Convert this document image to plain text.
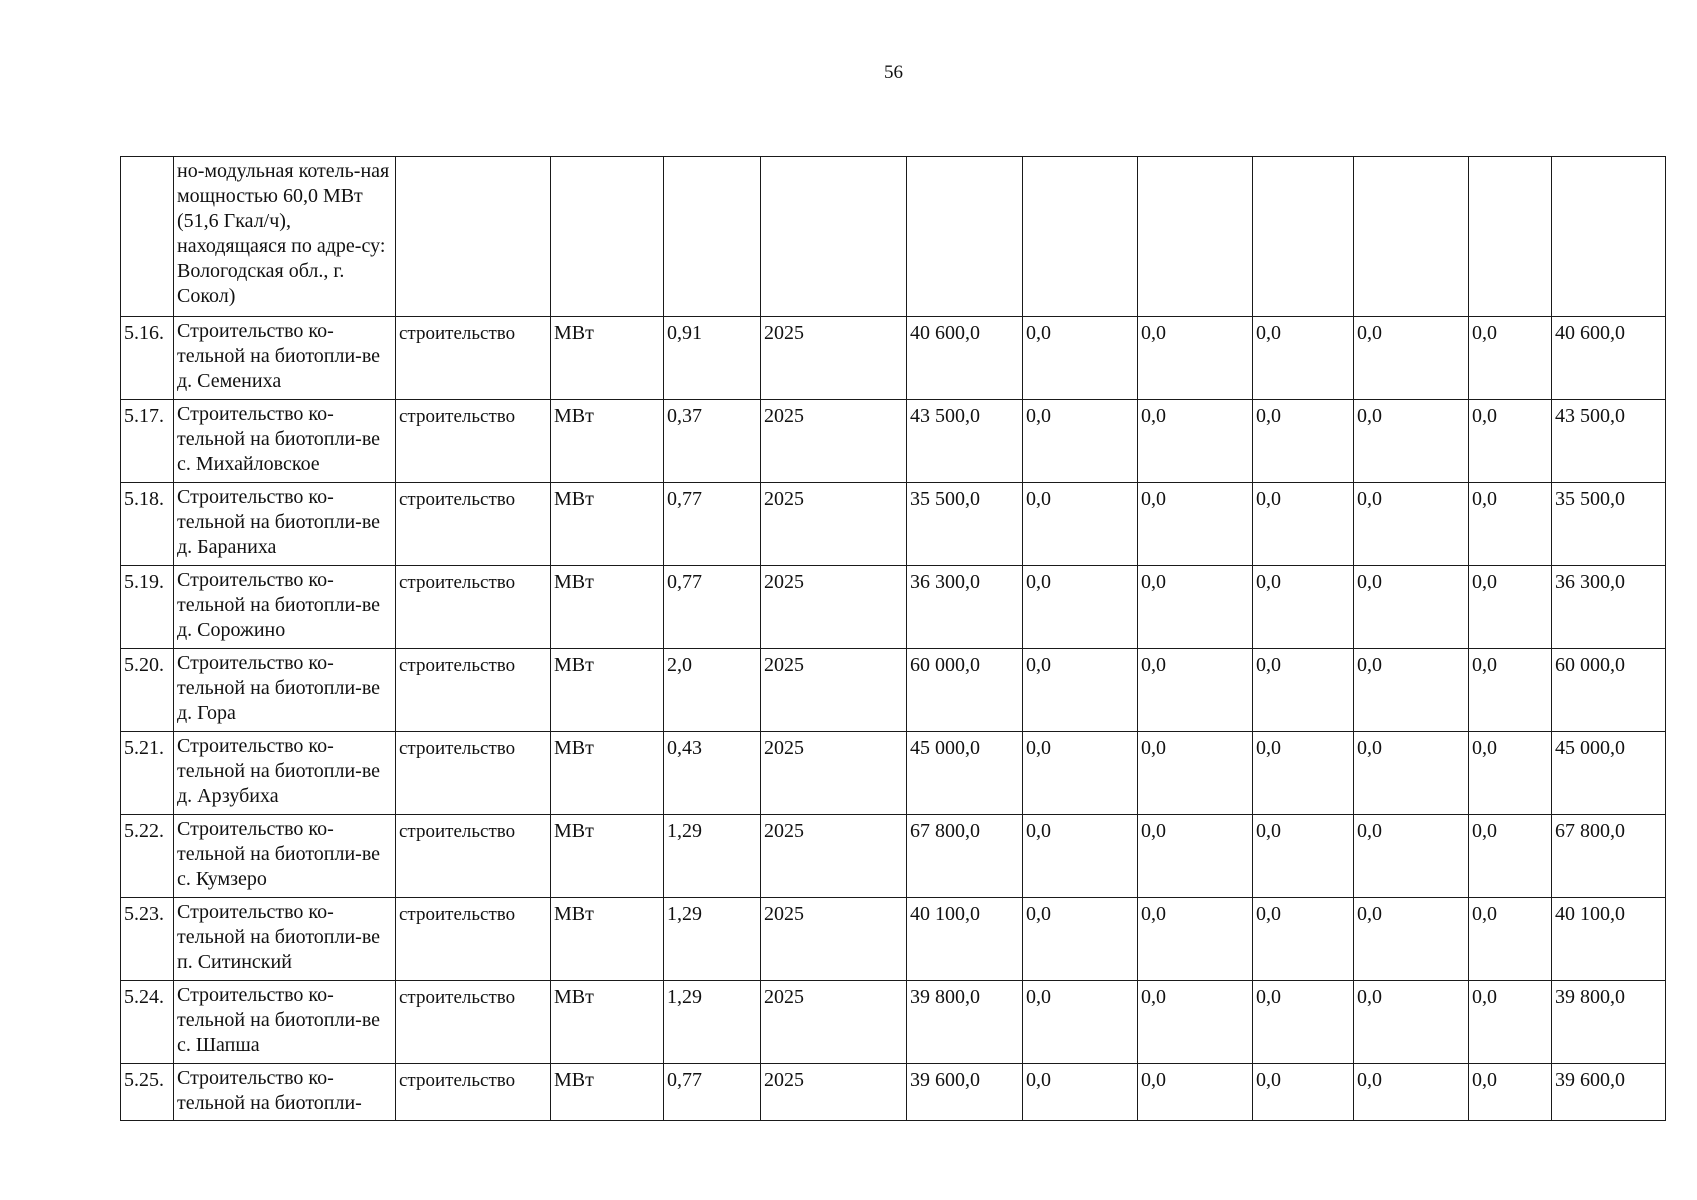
56
	но-модульная котель-ная мощностью 60,0 МВт (51,6 Гкал/ч), находящаяся по адре-су: Вологодская обл., г. Сокол)											
5.16.	Строительство ко-тельной на биотопли-ве д. Семениха	строительство	МВт	0,91	2025	40 600,0	0,0	0,0	0,0	0,0	0,0	40 600,0
5.17.	Строительство ко-тельной на биотопли-ве с. Михайловское	строительство	МВт	0,37	2025	43 500,0	0,0	0,0	0,0	0,0	0,0	43 500,0
5.18.	Строительство ко-тельной на биотопли-ве д. Бараниха	строительство	МВт	0,77	2025	35 500,0	0,0	0,0	0,0	0,0	0,0	35 500,0
5.19.	Строительство ко-тельной на биотопли-ве д. Сорожино	строительство	МВт	0,77	2025	36 300,0	0,0	0,0	0,0	0,0	0,0	36 300,0
5.20.	Строительство ко-тельной на биотопли-ве д. Гора	строительство	МВт	2,0	2025	60 000,0	0,0	0,0	0,0	0,0	0,0	60 000,0
5.21.	Строительство ко-тельной на биотопли-ве д. Арзубиха	строительство	МВт	0,43	2025	45 000,0	0,0	0,0	0,0	0,0	0,0	45 000,0
5.22.	Строительство ко-тельной на биотопли-ве с. Кумзеро	строительство	МВт	1,29	2025	67 800,0	0,0	0,0	0,0	0,0	0,0	67 800,0
5.23.	Строительство ко-тельной на биотопли-ве п. Ситинский	строительство	МВт	1,29	2025	40 100,0	0,0	0,0	0,0	0,0	0,0	40 100,0
5.24.	Строительство ко-тельной на биотопли-ве с. Шапша	строительство	МВт	1,29	2025	39 800,0	0,0	0,0	0,0	0,0	0,0	39 800,0
5.25.	Строительство ко-тельной на биотопли-	строительство	МВт	0,77	2025	39 600,0	0,0	0,0	0,0	0,0	0,0	39 600,0
